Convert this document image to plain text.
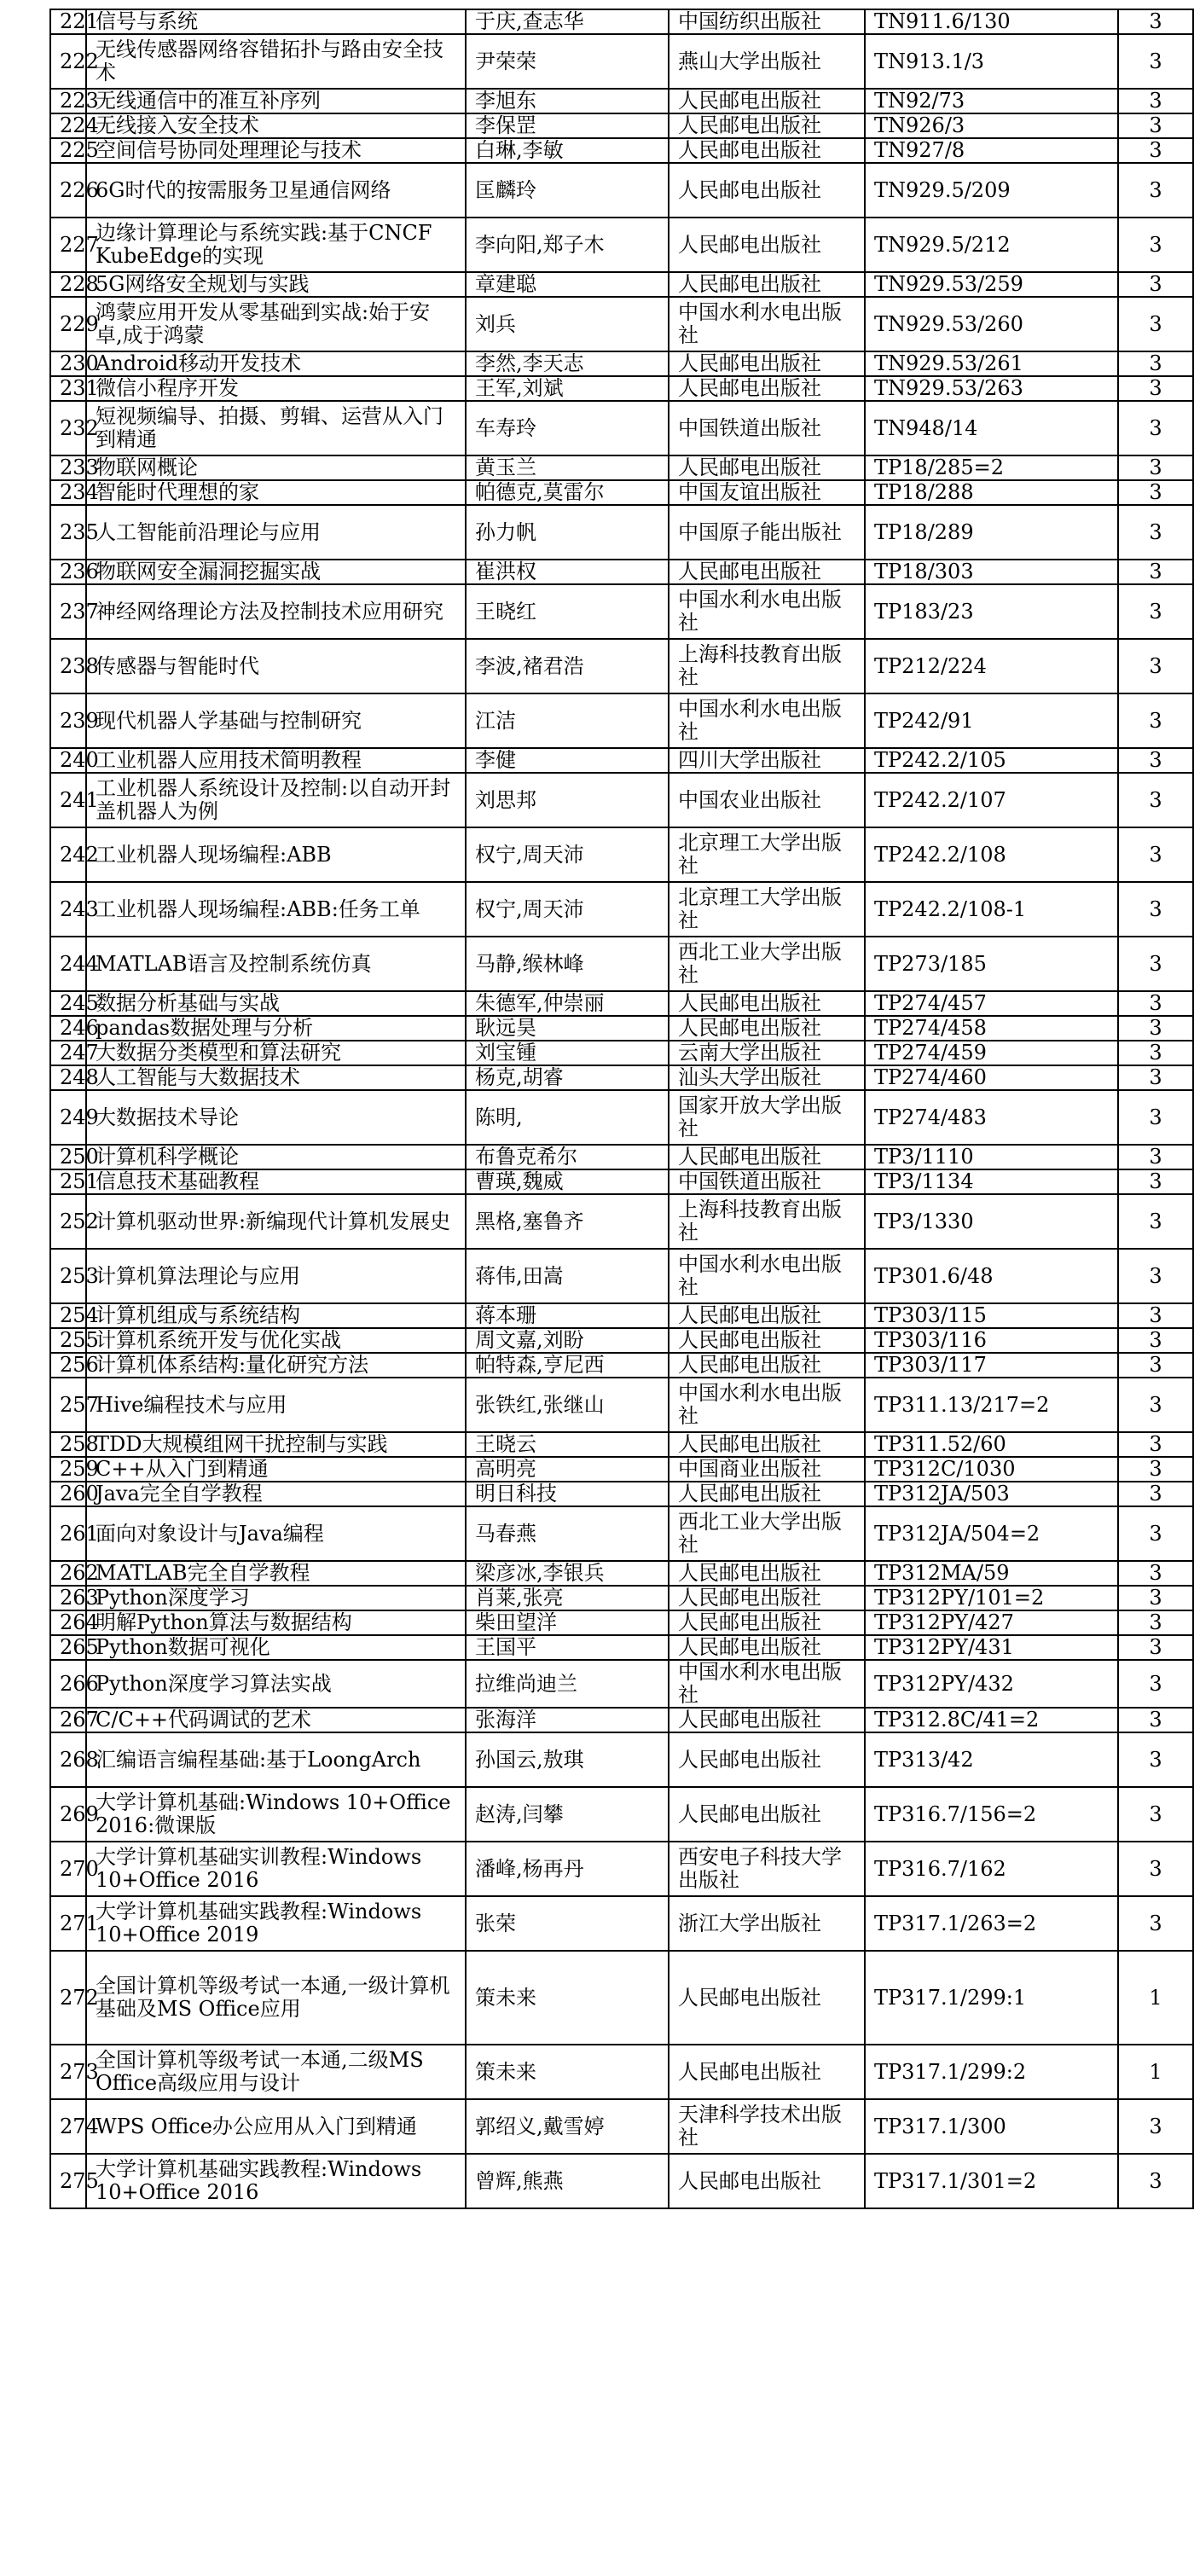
221	信号与系统	于庆,查志华	中国纺织出版社	TN911.6/130	3
222	无线传感器网络容错拓扑与路由安全技术	尹荣荣	燕山大学出版社	TN913.1/3	3
223	无线通信中的准互补序列	李旭东	人民邮电出版社	TN92/73	3
224	无线接入安全技术	李保罡	人民邮电出版社	TN926/3	3
225	空间信号协同处理理论与技术	白琳,李敏	人民邮电出版社	TN927/8	3
226	6G时代的按需服务卫星通信网络	匡麟玲	人民邮电出版社	TN929.5/209	3
227	边缘计算理论与系统实践:基于CNCF KubeEdge的实现	李向阳,郑子木	人民邮电出版社	TN929.5/212	3
228	5G网络安全规划与实践	章建聪	人民邮电出版社	TN929.53/259	3
229	鸿蒙应用开发从零基础到实战:始于安卓,成于鸿蒙	刘兵	中国水利水电出版社	TN929.53/260	3
230	Android移动开发技术	李然,李天志	人民邮电出版社	TN929.53/261	3
231	微信小程序开发	王军,刘斌	人民邮电出版社	TN929.53/263	3
232	短视频编导、拍摄、剪辑、运营从入门到精通	车寿玲	中国铁道出版社	TN948/14	3
233	物联网概论	黄玉兰	人民邮电出版社	TP18/285=2	3
234	智能时代理想的家	帕德克,莫雷尔	中国友谊出版社	TP18/288	3
235	人工智能前沿理论与应用	孙力帆	中国原子能出版社	TP18/289	3
236	物联网安全漏洞挖掘实战	崔洪权	人民邮电出版社	TP18/303	3
237	神经网络理论方法及控制技术应用研究	王晓红	中国水利水电出版社	TP183/23	3
238	传感器与智能时代	李波,褚君浩	上海科技教育出版社	TP212/224	3
239	现代机器人学基础与控制研究	江洁	中国水利水电出版社	TP242/91	3
240	工业机器人应用技术简明教程	李健	四川大学出版社	TP242.2/105	3
241	工业机器人系统设计及控制:以自动开封盖机器人为例	刘思邦	中国农业出版社	TP242.2/107	3
242	工业机器人现场编程:ABB	权宁,周天沛	北京理工大学出版社	TP242.2/108	3
243	工业机器人现场编程:ABB:任务工单	权宁,周天沛	北京理工大学出版社	TP242.2/108-1	3
244	MATLAB语言及控制系统仿真	马静,缑林峰	西北工业大学出版社	TP273/185	3
245	数据分析基础与实战	朱德军,仲崇丽	人民邮电出版社	TP274/457	3
246	pandas数据处理与分析	耿远昊	人民邮电出版社	TP274/458	3
247	大数据分类模型和算法研究	刘宝锺	云南大学出版社	TP274/459	3
248	人工智能与大数据技术	杨克,胡睿	汕头大学出版社	TP274/460	3
249	大数据技术导论	陈明,	国家开放大学出版社	TP274/483	3
250	计算机科学概论	布鲁克希尔	人民邮电出版社	TP3/1110	3
251	信息技术基础教程	曹瑛,魏威	中国铁道出版社	TP3/1134	3
252	计算机驱动世界:新编现代计算机发展史	黑格,塞鲁齐	上海科技教育出版社	TP3/1330	3
253	计算机算法理论与应用	蒋伟,田嵩	中国水利水电出版社	TP301.6/48	3
254	计算机组成与系统结构	蒋本珊	人民邮电出版社	TP303/115	3
255	计算机系统开发与优化实战	周文嘉,刘盼	人民邮电出版社	TP303/116	3
256	计算机体系结构:量化研究方法	帕特森,亨尼西	人民邮电出版社	TP303/117	3
257	Hive编程技术与应用	张铁红,张继山	中国水利水电出版社	TP311.13/217=2	3
258	TDD大规模组网干扰控制与实践	王晓云	人民邮电出版社	TP311.52/60	3
259	C++从入门到精通	高明亮	中国商业出版社	TP312C/1030	3
260	Java完全自学教程	明日科技	人民邮电出版社	TP312JA/503	3
261	面向对象设计与Java编程	马春燕	西北工业大学出版社	TP312JA/504=2	3
262	MATLAB完全自学教程	梁彦冰,李银兵	人民邮电出版社	TP312MA/59	3
263	Python深度学习	肖莱,张亮	人民邮电出版社	TP312PY/101=2	3
264	明解Python算法与数据结构	柴田望洋	人民邮电出版社	TP312PY/427	3
265	Python数据可视化	王国平	人民邮电出版社	TP312PY/431	3
266	Python深度学习算法实战	拉维尚迪兰	中国水利水电出版社	TP312PY/432	3
267	C/C++代码调试的艺术	张海洋	人民邮电出版社	TP312.8C/41=2	3
268	汇编语言编程基础:基于LoongArch	孙国云,敖琪	人民邮电出版社	TP313/42	3
269	大学计算机基础:Windows 10+Office 2016:微课版	赵涛,闫攀	人民邮电出版社	TP316.7/156=2	3
270	大学计算机基础实训教程:Windows 10+Office 2016	潘峰,杨再丹	西安电子科技大学出版社	TP316.7/162	3
271	大学计算机基础实践教程:Windows 10+Office 2019	张荣	浙江大学出版社	TP317.1/263=2	3
272	全国计算机等级考试一本通,一级计算机基础及MS Office应用	策未来	人民邮电出版社	TP317.1/299:1	1
273	全国计算机等级考试一本通,二级MS Office高级应用与设计	策未来	人民邮电出版社	TP317.1/299:2	1
274	WPS Office办公应用从入门到精通	郭绍义,戴雪婷	天津科学技术出版社	TP317.1/300	3
275	大学计算机基础实践教程:Windows 10+Office 2016	曾辉,熊燕	人民邮电出版社	TP317.1/301=2	3
